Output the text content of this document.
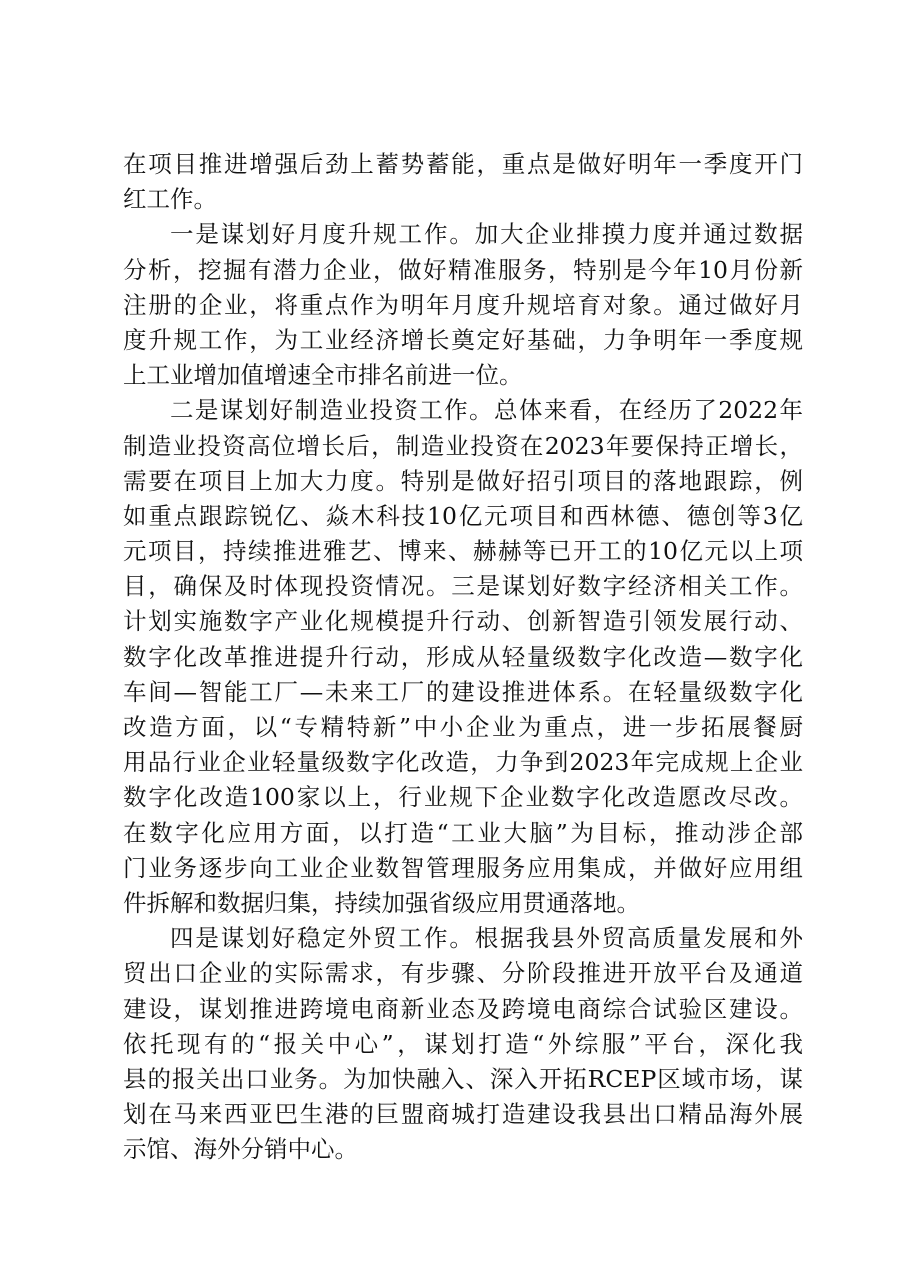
在项目推进增强后劲上蓄势蓄能，重点是做好明年一季度开门
红工作。
一是谋划好月度升规工作。加大企业排摸力度并通过数据
分析，挖掘有潜力企业，做好精准服务，特别是今年10月份新
注册的企业，将重点作为明年月度升规培育对象。通过做好月
度升规工作，为工业经济增长奠定好基础，力争明年一季度规
上工业增加值增速全市排名前进一位。
二是谋划好制造业投资工作。总体来看，在经历了2022年
制造业投资高位增长后，制造业投资在2023年要保持正增长，
需要在项目上加大力度。特别是做好招引项目的落地跟踪，例
如重点跟踪锐亿、焱木科技10亿元项目和西林德、德创等3亿
元项目，持续推进雅艺、博来、赫赫等已开工的10亿元以上项
目，确保及时体现投资情况。三是谋划好数字经济相关工作。
计划实施数字产业化规模提升行动、创新智造引领发展行动、
数字化改革推进提升行动，形成从轻量级数字化改造—数字化
车间—智能工厂—未来工厂的建设推进体系。在轻量级数字化
改造方面，以“专精特新”中小企业为重点，进一步拓展餐厨
用品行业企业轻量级数字化改造，力争到2023年完成规上企业
数字化改造100家以上，行业规下企业数字化改造愿改尽改。
在数字化应用方面，以打造“工业大脑”为目标，推动涉企部
门业务逐步向工业企业数智管理服务应用集成，并做好应用组
件拆解和数据归集，持续加强省级应用贯通落地。
四是谋划好稳定外贸工作。根据我县外贸高质量发展和外
贸出口企业的实际需求，有步骤、分阶段推进开放平台及通道
建设，谋划推进跨境电商新业态及跨境电商综合试验区建设。
依托现有的“报关中心”，谋划打造“外综服”平台，深化我
县的报关出口业务。为加快融入、深入开拓RCEP区域市场，谋
划在马来西亚巴生港的巨盟商城打造建设我县出口精品海外展
示馆、海外分销中心。
